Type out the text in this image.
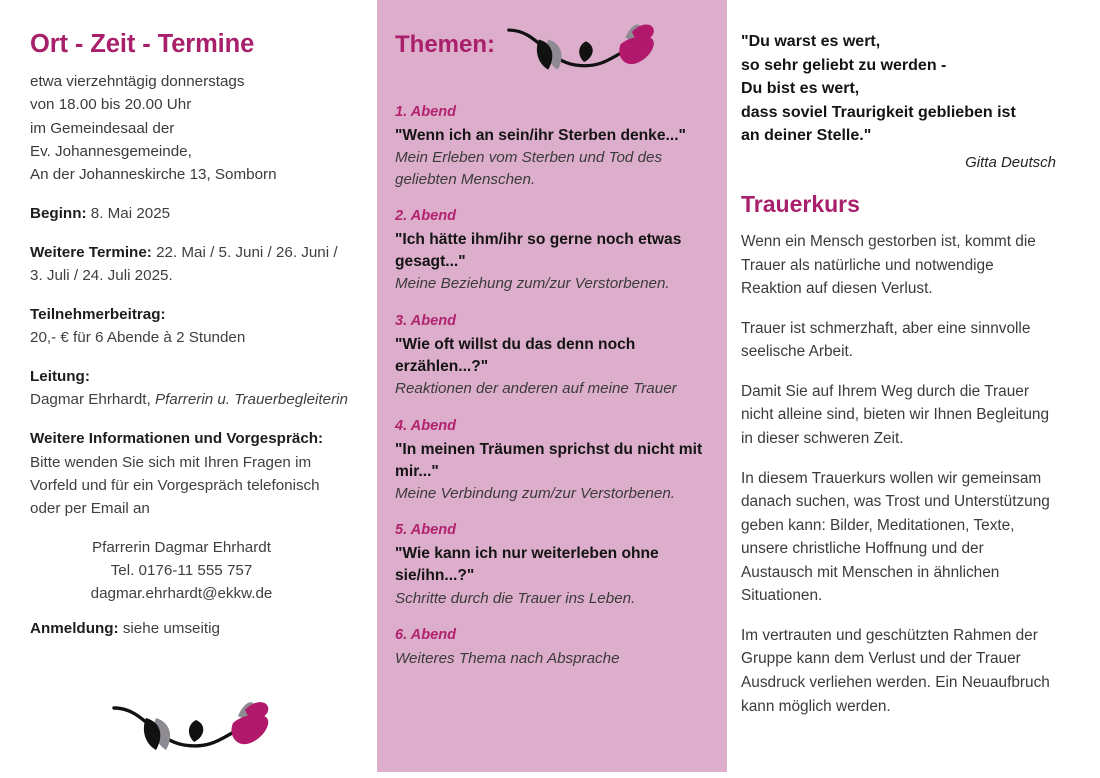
Ort - Zeit - Termine
etwa vierzehntägig donnerstags
von 18.00 bis 20.00 Uhr
im Gemeindesaal der
Ev. Johannesgemeinde,
An der Johanneskirche 13, Somborn
Beginn: 8. Mai 2025
Weitere Termine: 22. Mai / 5. Juni / 26. Juni / 3. Juli / 24. Juli 2025.
Teilnehmerbeitrag:
20,- € für 6 Abende à 2 Stunden
Leitung:
Dagmar Ehrhardt, Pfarrerin u. Trauerbegleiterin
Weitere Informationen und Vorgespräch:
Bitte wenden Sie sich mit Ihren Fragen im Vorfeld und für ein Vorgespräch telefonisch oder per Email an
Pfarrerin Dagmar Ehrhardt
Tel. 0176-11 555 757
dagmar.ehrhardt@ekkw.de
Anmeldung: siehe umseitig
Themen:
1. Abend
"Wenn ich an sein/ihr Sterben denke..."
Mein Erleben vom Sterben und Tod des geliebten Menschen.
2. Abend
"Ich hätte ihm/ihr so gerne noch etwas gesagt..."
Meine Beziehung zum/zur Verstorbenen.
3. Abend
"Wie oft willst du das denn noch erzählen...?"
Reaktionen der anderen auf meine Trauer
4. Abend
"In meinen Träumen sprichst du nicht mit mir..."
Meine Verbindung zum/zur Verstorbenen.
5. Abend
"Wie kann ich nur weiterleben ohne sie/ihn...?"
Schritte durch die Trauer ins Leben.
6. Abend
Weiteres Thema nach Absprache
"Du warst es wert,
so sehr geliebt zu werden -
Du bist es wert,
dass soviel Traurigkeit geblieben ist
an deiner Stelle."
Gitta Deutsch
Trauerkurs
Wenn ein Mensch gestorben ist, kommt die Trauer als natürliche und notwendige Reaktion auf diesen Verlust.
Trauer ist schmerzhaft, aber eine sinnvolle seelische Arbeit.
Damit Sie auf Ihrem Weg durch die Trauer nicht alleine sind, bieten wir Ihnen Begleitung in dieser schweren Zeit.
In diesem Trauerkurs wollen wir gemeinsam danach suchen, was Trost und Unterstützung geben kann: Bilder, Meditationen, Texte, unsere christliche Hoffnung und der Austausch mit Menschen in ähnlichen Situationen.
Im vertrauten und geschützten Rahmen der Gruppe kann dem Verlust und der Trauer Ausdruck verliehen werden. Ein Neuaufbruch kann möglich werden.
